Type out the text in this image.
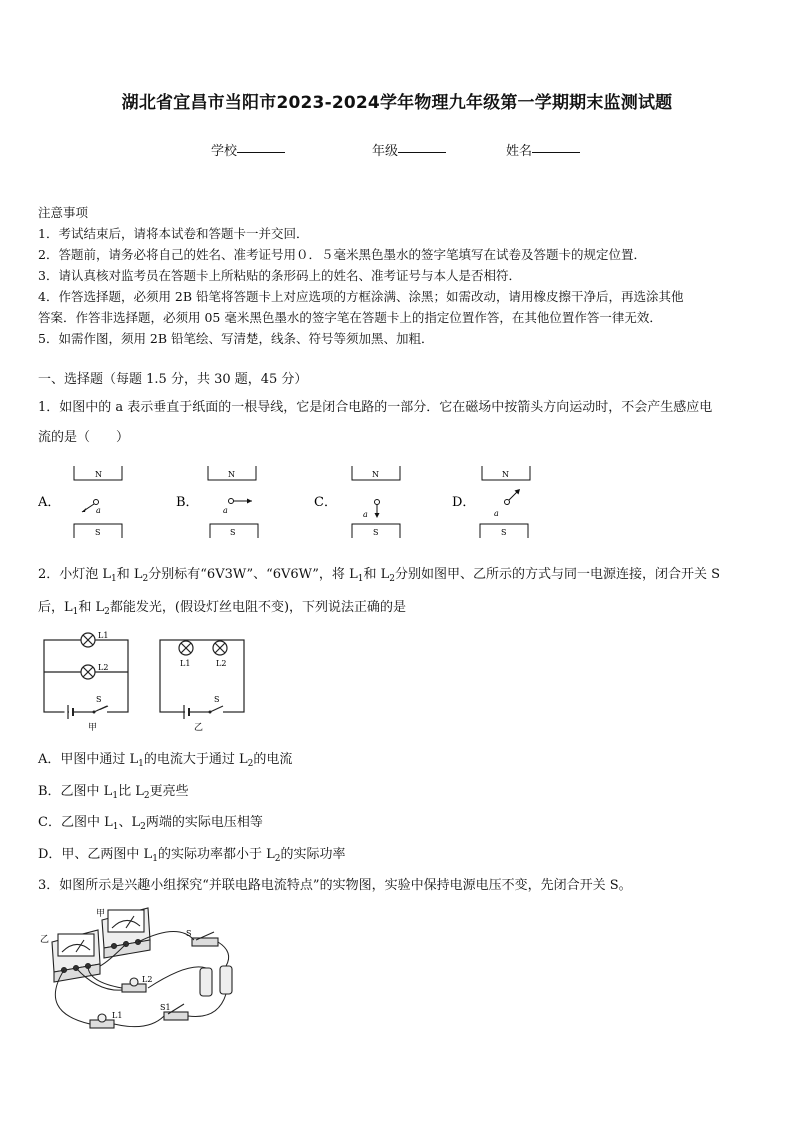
湖北省宜昌市当阳市2023-2024学年物理九年级第一学期期末监测试题
学校	年级	姓名
注意事项
1．考试结束后，请将本试卷和答题卡一并交回．
2．答题前，请务必将自己的姓名、准考证号用０．５毫米黑色墨水的签字笔填写在试卷及答题卡的规定位置．
3．请认真核对监考员在答题卡上所粘贴的条形码上的姓名、准考证号与本人是否相符．
4．作答选择题，必须用 2B 铅笔将答题卡上对应选项的方框涂满、涂黑；如需改动，请用橡皮擦干净后，再选涂其他
答案．作答非选择题，必须用 05 毫米黑色墨水的签字笔在答题卡上的指定位置作答，在其他位置作答一律无效．
5．如需作图，须用 2B 铅笔绘、写清楚，线条、符号等须加黑、加粗．
一、选择题（每题 1.5 分，共 30 题，45 分）
1．如图中的 a 表示垂直于纸面的一根导线，它是闭合电路的一部分．它在磁场中按箭头方向运动时，不会产生感应电
流的是（　　）
N
S
a
A．
N
S
a
B．
N
S
a
C．
N
S
a
D．
2．小灯泡 $L_1$和 $L_2$分别标有“6V3W”、“6V6W”，将 $L_1$和 $L_2$分别如图甲、乙所示的方式与同一电源连接，闭合开关 S
后，$L_1$和 $L_2$都能发光，(假设灯丝电阻不变)，下列说法正确的是
L1
L2
S
甲
L1	L2
S
乙
A．甲图中通过 $L_1$的电流大于通过 $L_2$的电流
B．乙图中 $L_1$比 $L_2$更亮些
C．乙图中 $L_1$、$L_2$两端的实际电压相等
D．甲、乙两图中 $L_1$的实际功率都小于 $L_2$的实际功率
3．如图所示是兴趣小组探究“并联电路电流特点”的实物图，实验中保持电源电压不变，先闭合开关 S。
甲
乙
S
L2
L1
S1
